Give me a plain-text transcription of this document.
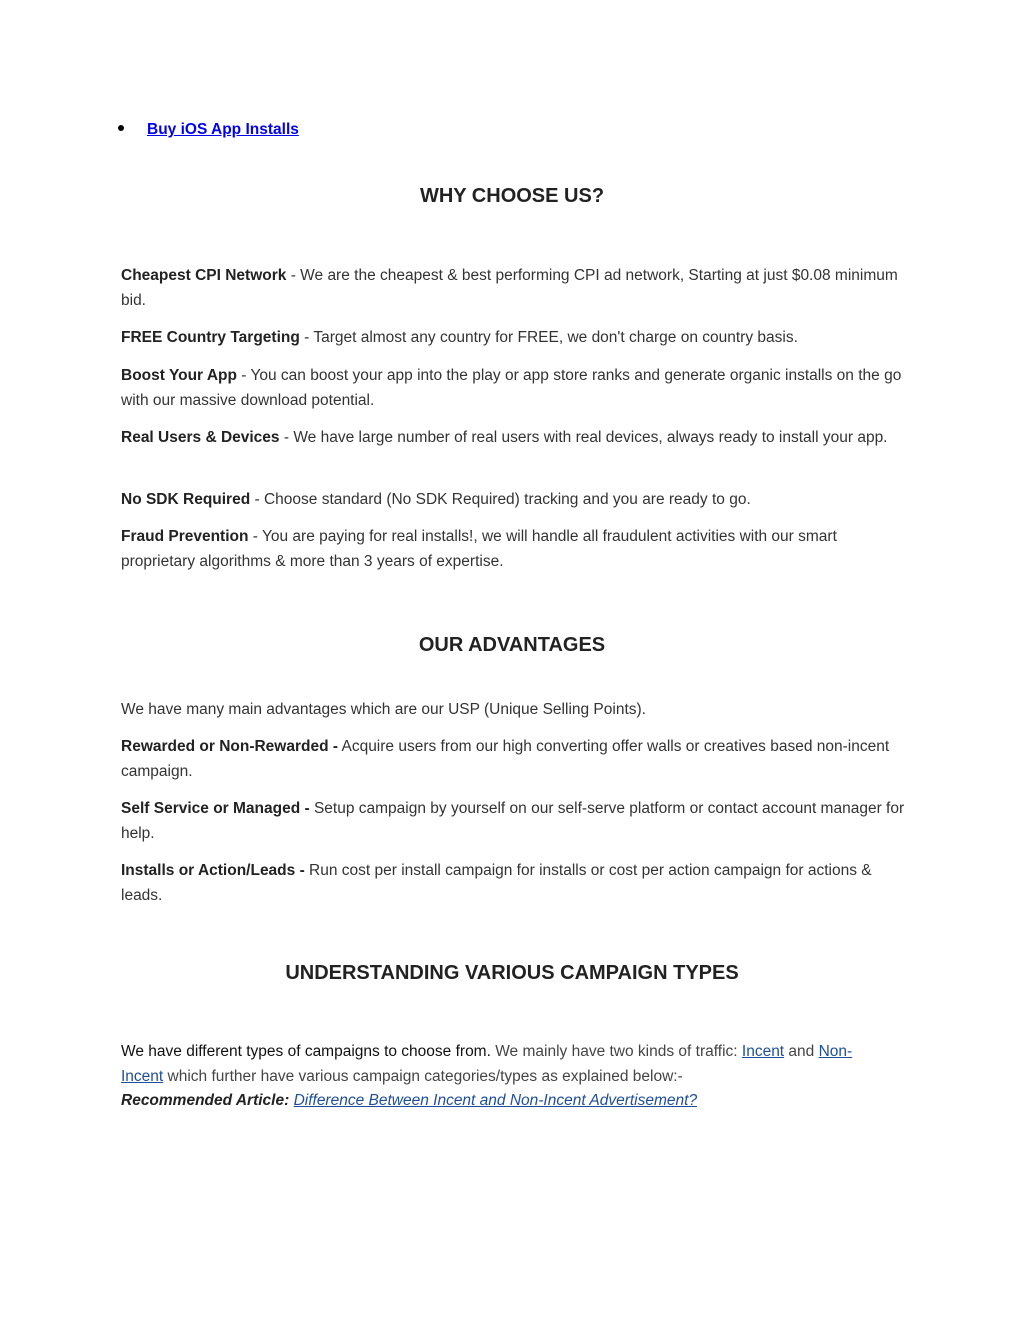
Buy iOS App Installs
WHY CHOOSE US?

Cheapest CPI Network - We are the cheapest & best performing CPI ad network, Starting at just $0.08 minimum bid.

FREE Country Targeting - Target almost any country for FREE, we don't charge on country basis.

Boost Your App - You can boost your app into the play or app store ranks and generate organic installs on the go with our massive download potential.

Real Users & Devices - We have large number of real users with real devices, always ready to install your app.

No SDK Required - Choose standard (No SDK Required) tracking and you are ready to go.

Fraud Prevention - You are paying for real installs!, we will handle all fraudulent activities with our smart proprietary algorithms & more than 3 years of expertise.

OUR ADVANTAGES

We have many main advantages which are our USP (Unique Selling Points).

Rewarded or Non-Rewarded - Acquire users from our high converting offer walls or creatives based non-incent campaign.

Self Service or Managed - Setup campaign by yourself on our self-serve platform or contact account manager for help.

Installs or Action/Leads - Run cost per install campaign for installs or cost per action campaign for actions & leads.

UNDERSTANDING VARIOUS CAMPAIGN TYPES

We have different types of campaigns to choose from. We mainly have two kinds of traffic: Incent and Non-Incent which further have various campaign categories/types as explained below:-
Recommended Article: Difference Between Incent and Non-Incent Advertisement?
